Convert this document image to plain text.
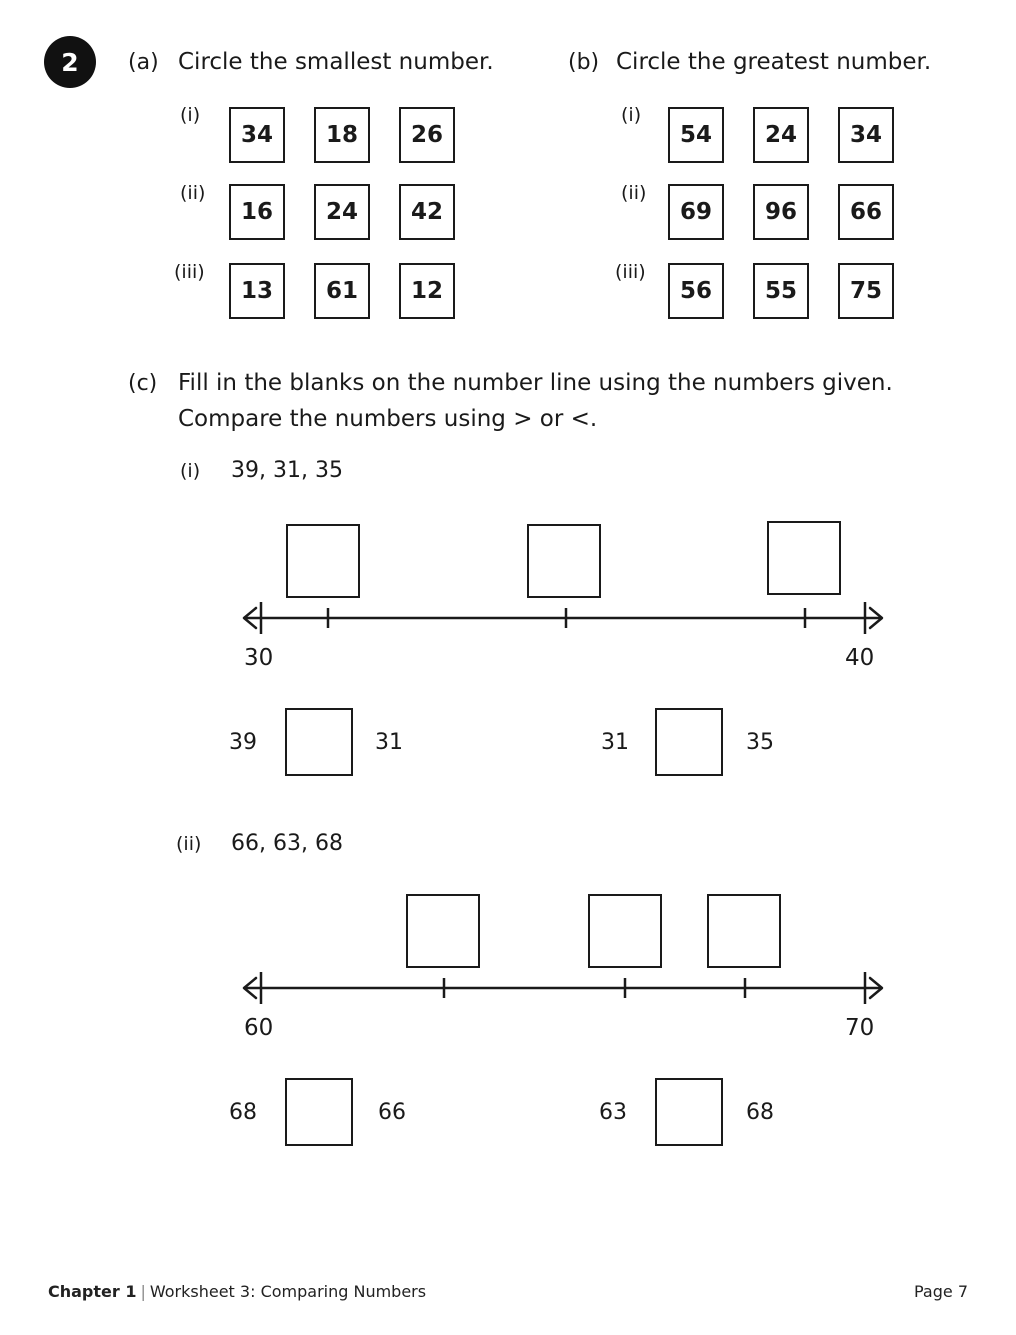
2	(a) Circle the smallest number.
(i)
34	18	26
(ii)
16	24	42
(iii)
13	61	12
(b) Circle the greatest number.
(i)
54	24	34
(ii)
69	96	66
(iii)
56	55	75
(c) Fill in the blanks on the number line using the numbers given.
Compare the numbers using > or <.
(i) 39, 31, 35
30	40
39	31	31	35
(ii) 66, 63, 68
60	70
68	66	63	68
Chapter 1 | Worksheet 3: Comparing Numbers	Page 7
